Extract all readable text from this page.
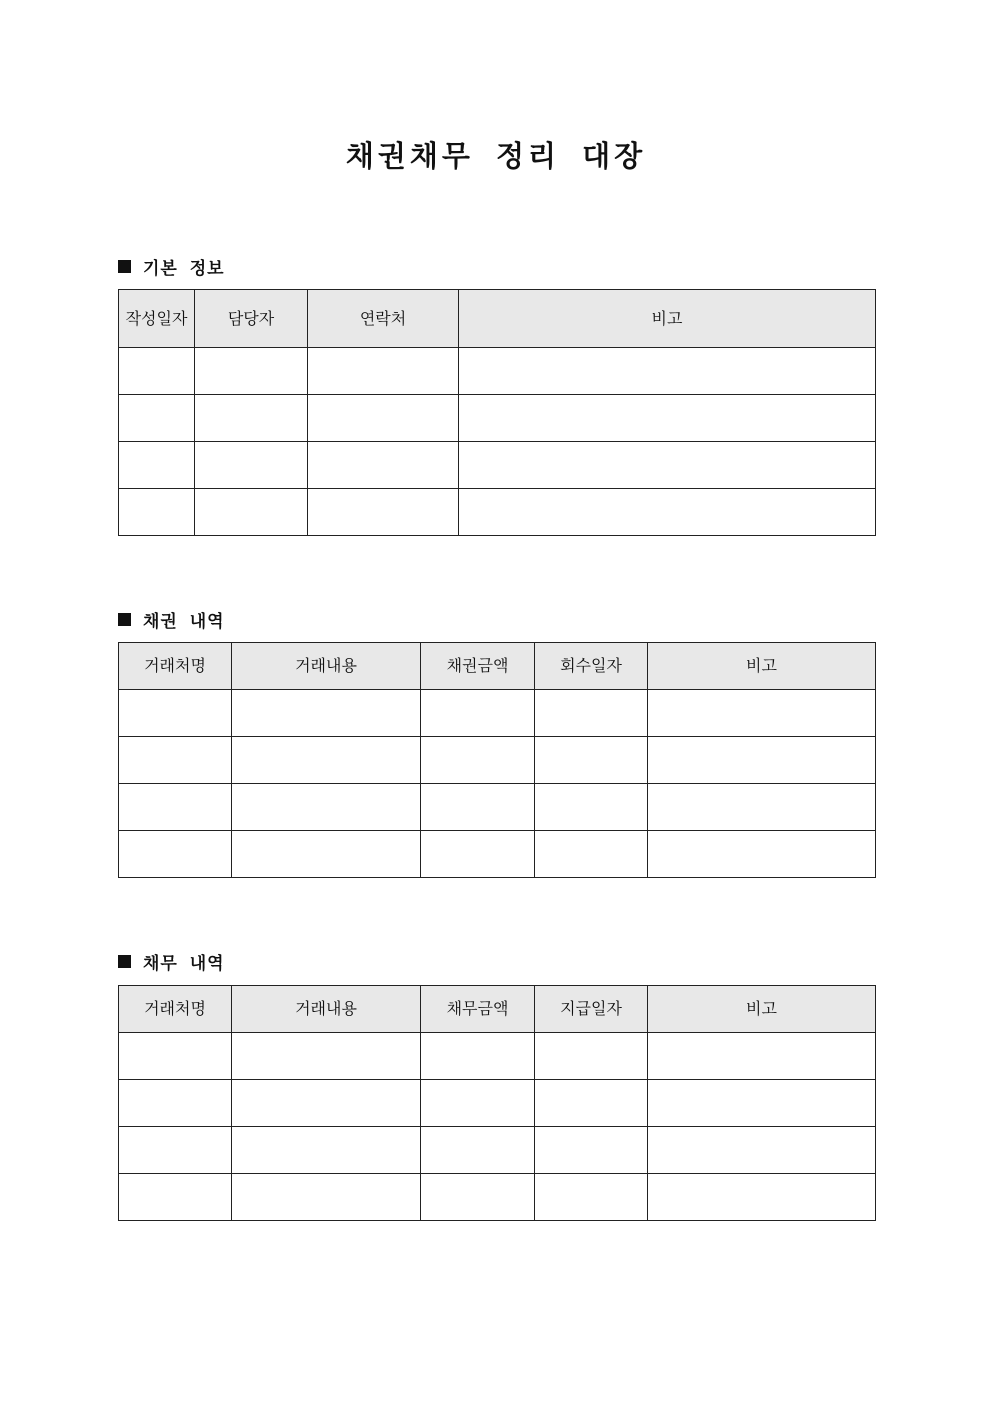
채권채무 정리 대장
기본 정보
작성일자	담당자	연락처	비고

채권 내역
거래처명	거래내용	채권금액	회수일자	비고

채무 내역
거래처명	거래내용	채무금액	지급일자	비고
